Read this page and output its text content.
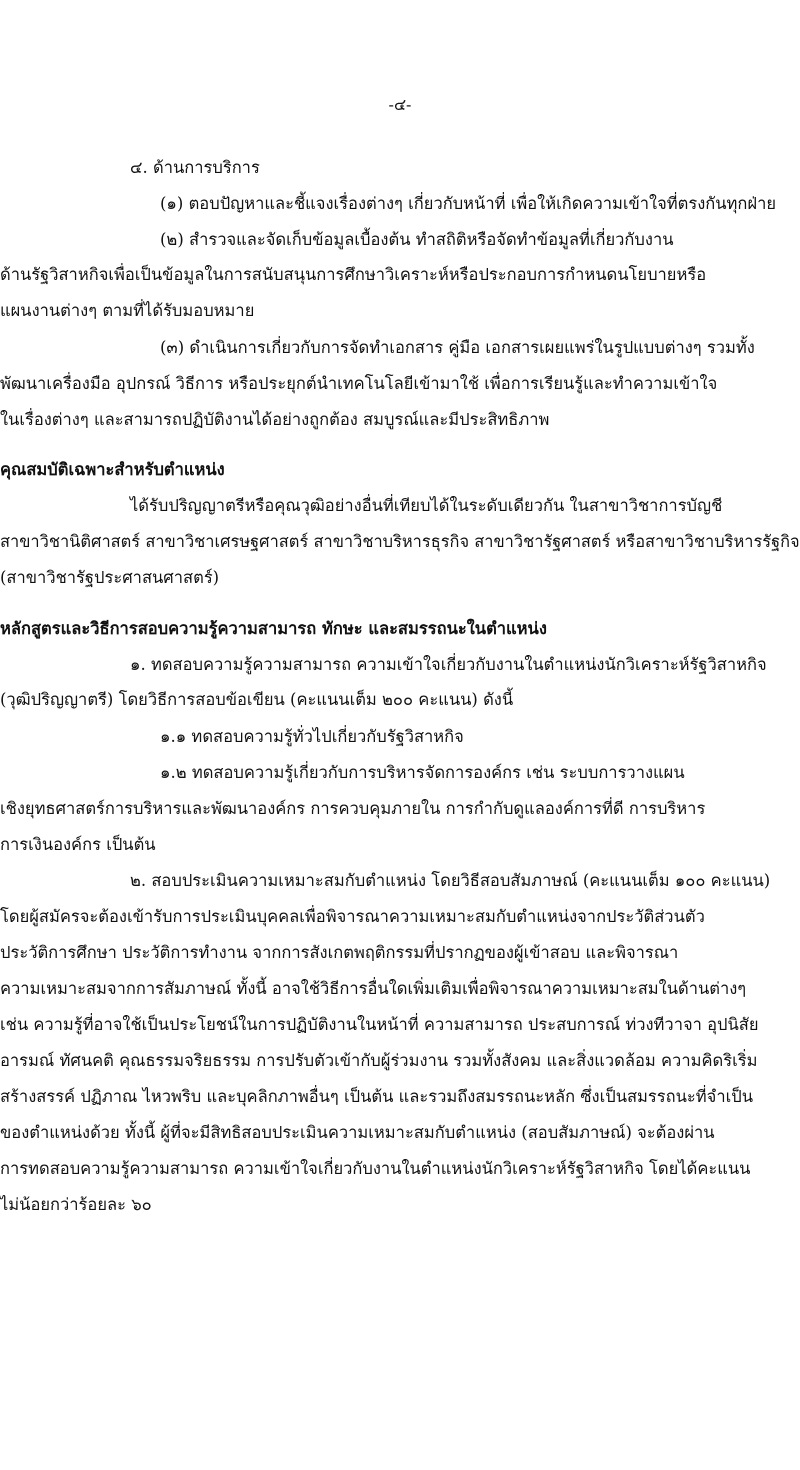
-๔-
๔. ด้านการบริการ
(๑) ตอบปัญหาและชี้แจงเรื่องต่างๆ เกี่ยวกับหน้าที่ เพื่อให้เกิดความเข้าใจที่ตรงกันทุกฝ่าย
(๒) สำรวจและจัดเก็บข้อมูลเบื้องต้น ทำสถิติหรือจัดทำข้อมูลที่เกี่ยวกับงาน
ด้านรัฐวิสาหกิจเพื่อเป็นข้อมูลในการสนับสนุนการศึกษาวิเคราะห์หรือประกอบการกำหนดนโยบายหรือ
แผนงานต่างๆ ตามที่ได้รับมอบหมาย
(๓) ดำเนินการเกี่ยวกับการจัดทำเอกสาร คู่มือ เอกสารเผยแพร่ในรูปแบบต่างๆ รวมทั้ง
พัฒนาเครื่องมือ อุปกรณ์ วิธีการ หรือประยุกต์นำเทคโนโลยีเข้ามาใช้ เพื่อการเรียนรู้และทำความเข้าใจ
ในเรื่องต่างๆ และสามารถปฏิบัติงานได้อย่างถูกต้อง สมบูรณ์และมีประสิทธิภาพ
คุณสมบัติเฉพาะสำหรับตำแหน่ง
ได้รับปริญญาตรีหรือคุณวุฒิอย่างอื่นที่เทียบได้ในระดับเดียวกัน ในสาขาวิชาการบัญชี
สาขาวิชานิติศาสตร์ สาขาวิชาเศรษฐศาสตร์ สาขาวิชาบริหารธุรกิจ สาขาวิชารัฐศาสตร์ หรือสาขาวิชาบริหารรัฐกิจ
(สาขาวิชารัฐประศาสนศาสตร์)
หลักสูตรและวิธีการสอบความรู้ความสามารถ ทักษะ และสมรรถนะในตำแหน่ง
๑. ทดสอบความรู้ความสามารถ ความเข้าใจเกี่ยวกับงานในตำแหน่งนักวิเคราะห์รัฐวิสาหกิจ
(วุฒิปริญญาตรี) โดยวิธีการสอบข้อเขียน (คะแนนเต็ม ๒๐๐ คะแนน) ดังนี้
๑.๑ ทดสอบความรู้ทั่วไปเกี่ยวกับรัฐวิสาหกิจ
๑.๒ ทดสอบความรู้เกี่ยวกับการบริหารจัดการองค์กร เช่น ระบบการวางแผน
เชิงยุทธศาสตร์การบริหารและพัฒนาองค์กร การควบคุมภายใน การกำกับดูแลองค์การที่ดี การบริหาร
การเงินองค์กร เป็นต้น
๒. สอบประเมินความเหมาะสมกับตำแหน่ง โดยวิธีสอบสัมภาษณ์ (คะแนนเต็ม ๑๐๐ คะแนน)
โดยผู้สมัครจะต้องเข้ารับการประเมินบุคคลเพื่อพิจารณาความเหมาะสมกับตำแหน่งจากประวัติส่วนตัว
ประวัติการศึกษา ประวัติการทำงาน จากการสังเกตพฤติกรรมที่ปรากฏของผู้เข้าสอบ และพิจารณา
ความเหมาะสมจากการสัมภาษณ์ ทั้งนี้ อาจใช้วิธีการอื่นใดเพิ่มเติมเพื่อพิจารณาความเหมาะสมในด้านต่างๆ
เช่น ความรู้ที่อาจใช้เป็นประโยชน์ในการปฏิบัติงานในหน้าที่ ความสามารถ ประสบการณ์ ท่วงทีวาจา อุปนิสัย
อารมณ์ ทัศนคติ คุณธรรมจริยธรรม การปรับตัวเข้ากับผู้ร่วมงาน รวมทั้งสังคม และสิ่งแวดล้อม ความคิดริเริ่ม
สร้างสรรค์ ปฏิภาณ ไหวพริบ และบุคลิกภาพอื่นๆ เป็นต้น และรวมถึงสมรรถนะหลัก ซึ่งเป็นสมรรถนะที่จำเป็น
ของตำแหน่งด้วย ทั้งนี้ ผู้ที่จะมีสิทธิสอบประเมินความเหมาะสมกับตำแหน่ง (สอบสัมภาษณ์) จะต้องผ่าน
การทดสอบความรู้ความสามารถ ความเข้าใจเกี่ยวกับงานในตำแหน่งนักวิเคราะห์รัฐวิสาหกิจ โดยได้คะแนน
ไม่น้อยกว่าร้อยละ ๖๐
